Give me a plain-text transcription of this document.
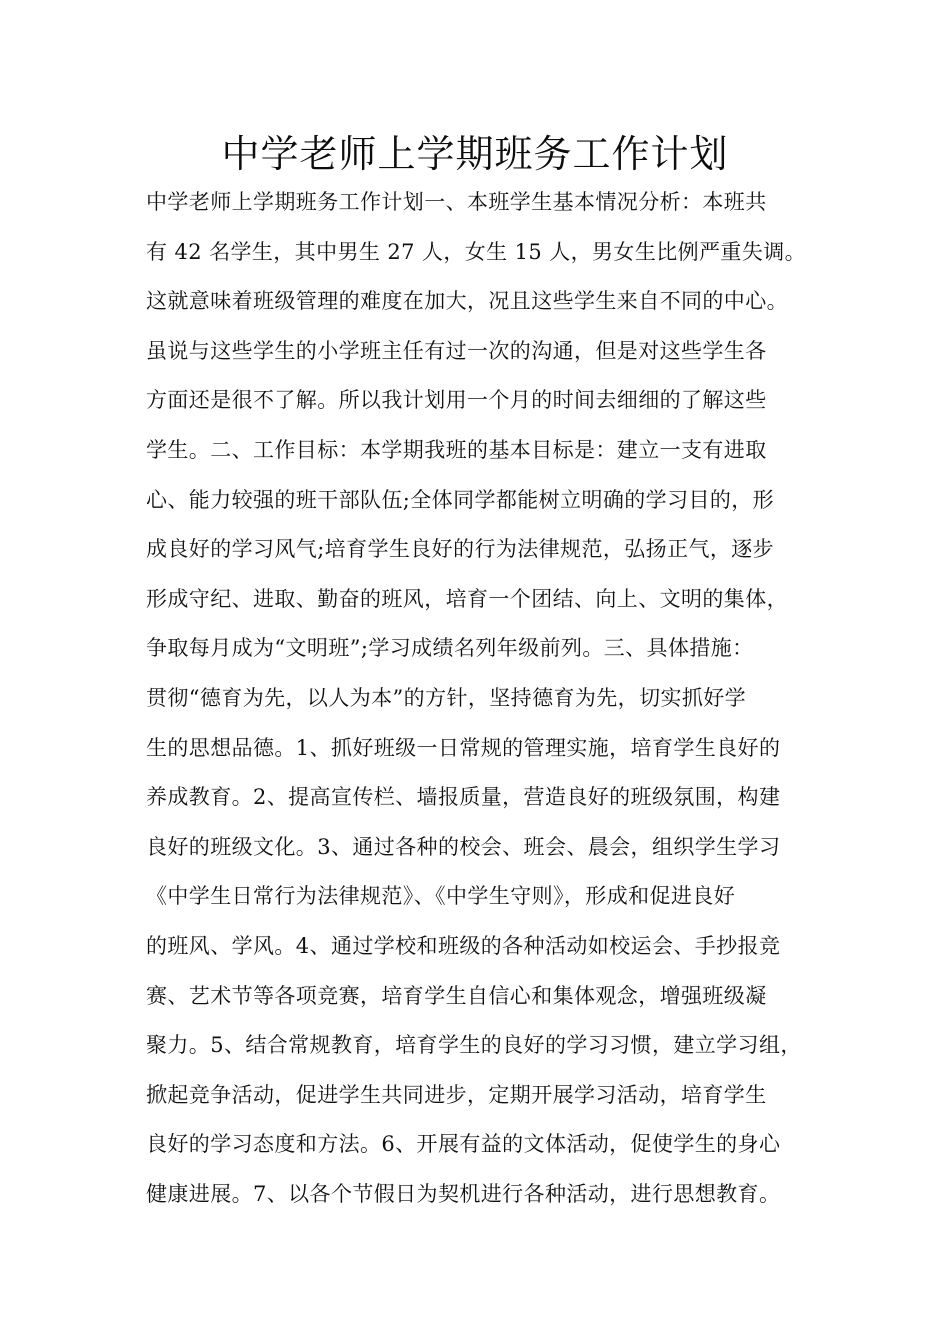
中学老师上学期班务工作计划
中学老师上学期班务工作计划一、本班学生基本情况分析：本班共
有 42 名学生，其中男生 27 人，女生 15 人，男女生比例严重失调。
这就意味着班级管理的难度在加大，况且这些学生来自不同的中心。
虽说与这些学生的小学班主任有过一次的沟通，但是对这些学生各
方面还是很不了解。所以我计划用一个月的时间去细细的了解这些
学生。二、工作目标：本学期我班的基本目标是：建立一支有进取
心、能力较强的班干部队伍;全体同学都能树立明确的学习目的，形
成良好的学习风气;培育学生良好的行为法律规范，弘扬正气，逐步
形成守纪、进取、勤奋的班风，培育一个团结、向上、文明的集体，
争取每月成为“文明班”;学习成绩名列年级前列。三、具体措施：
贯彻“德育为先，以人为本”的方针，坚持德育为先，切实抓好学
生的思想品德。1、抓好班级一日常规的管理实施，培育学生良好的
养成教育。2、提高宣传栏、墙报质量，营造良好的班级氛围，构建
良好的班级文化。3、通过各种的校会、班会、晨会，组织学生学习
《中学生日常行为法律规范》、《中学生守则》，形成和促进良好
的班风、学风。4、通过学校和班级的各种活动如校运会、手抄报竞
赛、艺术节等各项竞赛，培育学生自信心和集体观念，增强班级凝
聚力。5、结合常规教育，培育学生的良好的学习习惯，建立学习组，
掀起竞争活动，促进学生共同进步，定期开展学习活动，培育学生
良好的学习态度和方法。6、开展有益的文体活动，促使学生的身心
健康进展。7、以各个节假日为契机进行各种活动，进行思想教育。
